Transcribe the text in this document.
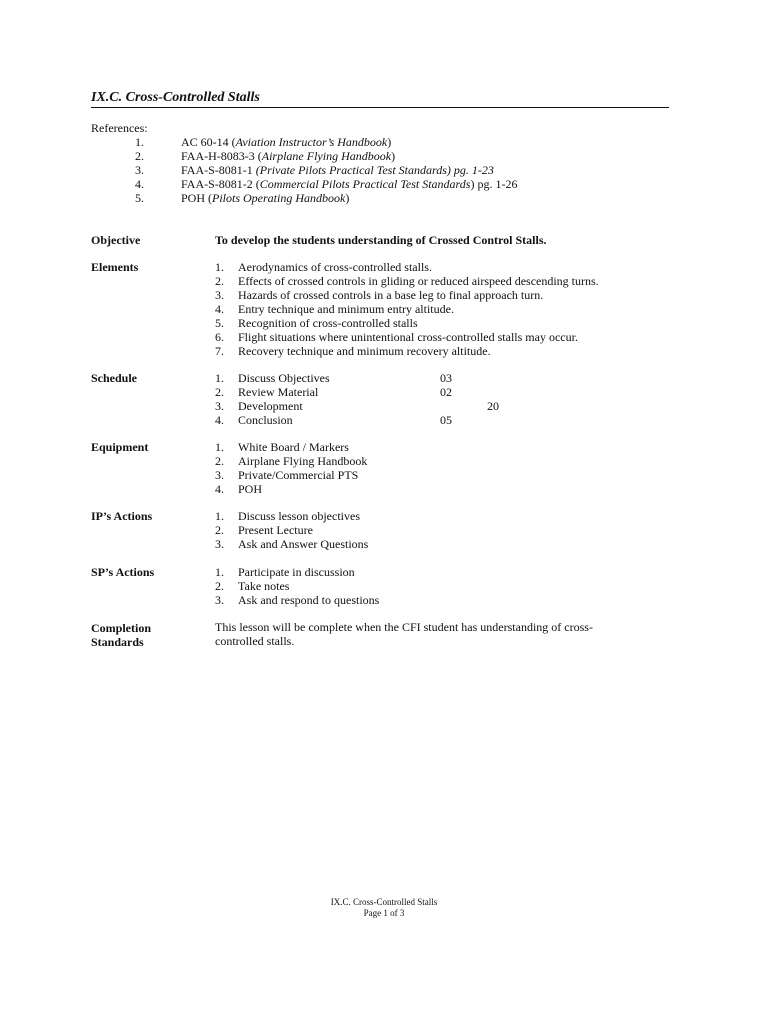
IX.C. Cross-Controlled Stalls
References:
1.	AC 60-14 (Aviation Instructor’s Handbook)
2.	FAA-H-8083-3 (Airplane Flying Handbook)
3.	FAA-S-8081-1 (Private Pilots Practical Test Standards) pg. 1-23
4.	FAA-S-8081-2 (Commercial Pilots Practical Test Standards) pg. 1-26
5.	POH (Pilots Operating Handbook)
Objective	To develop the students understanding of Crossed Control Stalls.
Elements	1. Aerodynamics of cross-controlled stalls.
2. Effects of crossed controls in gliding or reduced airspeed descending turns.
3. Hazards of crossed controls in a base leg to final approach turn.
4. Entry technique and minimum entry altitude.
5. Recognition of cross-controlled stalls
6. Flight situations where unintentional cross-controlled stalls may occur.
7. Recovery technique and minimum recovery altitude.
Schedule	1. Discuss Objectives	03
2. Review Material	02
3. Development	20
4. Conclusion	05
Equipment	1. White Board / Markers
2. Airplane Flying Handbook
3. Private/Commercial PTS
4. POH
IP’s Actions	1. Discuss lesson objectives
2. Present Lecture
3. Ask and Answer Questions
SP’s Actions	1. Participate in discussion
2. Take notes
3. Ask and respond to questions
Completion
Standards
This lesson will be complete when the CFI student has understanding of cross-controlled stalls.
IX.C. Cross-Controlled Stalls
Page 1 of 3
